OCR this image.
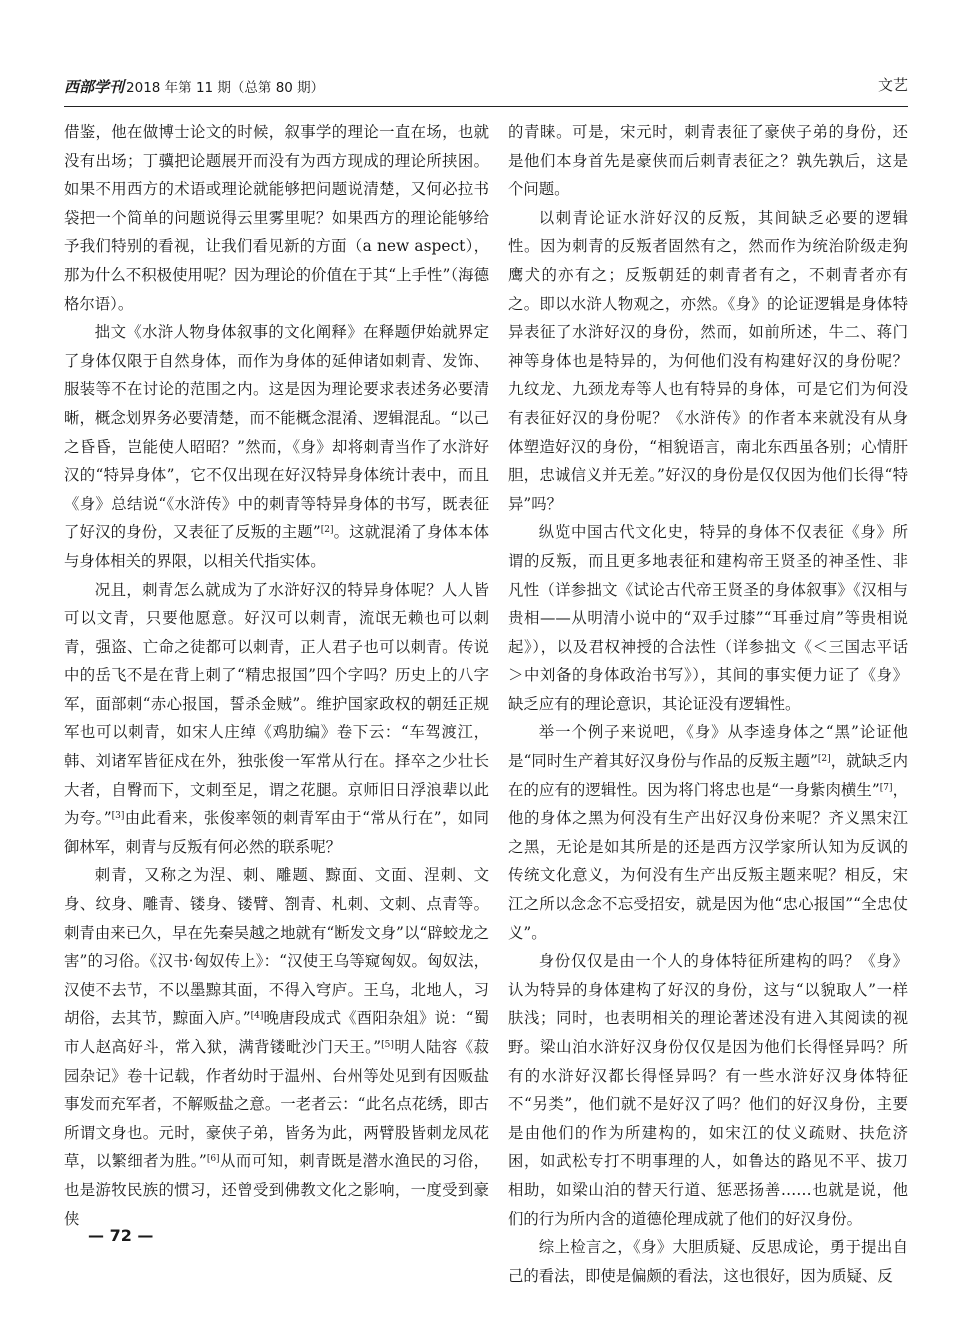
西部学刊 2018 年第 11 期（总第 80 期）	文艺

借鉴，他在做博士论文的时候，叙事学的理论一直在场，也就没有出场；丁骥把论题展开而没有为西方现成的理论所挟困。如果不用西方的术语或理论就能够把问题说清楚，又何必拉书袋把一个简单的问题说得云里雾里呢？如果西方的理论能够给予我们特别的看视，让我们看见新的方面（a new aspect），那为什么不积极使用呢？因为理论的价值在于其“上手性”（海德格尔语）。

拙文《水浒人物身体叙事的文化阐释》在释题伊始就界定了身体仅限于自然身体，而作为身体的延伸诸如刺青、发饰、服装等不在讨论的范围之内。这是因为理论要求表述务必要清晰，概念划界务必要清楚，而不能概念混淆、逻辑混乱。“以己之昏昏，岂能使人昭昭？”然而，《身》却将刺青当作了水浒好汉的“特异身体”，它不仅出现在好汉特异身体统计表中，而且《身》总结说“《水浒传》中的刺青等特异身体的书写，既表征了好汉的身份，又表征了反叛的主题”[2]。这就混淆了身体本体与身体相关的界限，以相关代指实体。

况且，刺青怎么就成为了水浒好汉的特异身体呢？人人皆可以文青，只要他愿意。好汉可以刺青，流氓无赖也可以刺青，强盗、亡命之徒都可以刺青，正人君子也可以刺青。传说中的岳飞不是在背上刺了“精忠报国”四个字吗？历史上的八字军，面部刺“赤心报国，誓杀金贼”。维护国家政权的朝廷正规军也可以刺青，如宋人庄绰《鸡肋编》卷下云：“车驾渡江，韩、刘诸军皆征戍在外，独张俊一军常从行在。择卒之少壮长大者，自臀而下，文刺至足，谓之花腿。京师旧日浮浪辈以此为夸。”[3]由此看来，张俊率领的刺青军由于“常从行在”，如同御林军，刺青与反叛有何必然的联系呢？

刺青，又称之为涅、刺、雕题、黥面、文面、涅刺、文身、纹身、雕青、镂身、镂臂、劄青、札刺、文刺、点青等。刺青由来已久，早在先秦吴越之地就有“断发文身”以“辟蛟龙之害”的习俗。《汉书·匈奴传上》：“汉使王乌等窥匈奴。匈奴法，汉使不去节，不以墨黥其面，不得入穹庐。王乌，北地人，习胡俗，去其节，黥面入庐。”[4]晚唐段成式《酉阳杂俎》说：“蜀市人赵高好斗，常入狱，满背镂毗沙门天王。”[5]明人陆容《菽园杂记》卷十记载，作者幼时于温州、台州等处见到有因贩盐事发而充军者，不解贩盐之意。一老者云：“此名点花绣，即古所谓文身也。元时，豪侠子弟，皆务为此，两臂股皆刺龙凤花草，以繁细者为胜。”[6]从而可知，刺青既是潜水渔民的习俗，也是游牧民族的惯习，还曾受到佛教文化之影响，一度受到豪侠

的青睐。可是，宋元时，刺青表征了豪侠子弟的身份，还是他们本身首先是豪侠而后刺青表征之？孰先孰后，这是个问题。

以刺青论证水浒好汉的反叛，其间缺乏必要的逻辑性。因为刺青的反叛者固然有之，然而作为统治阶级走狗鹰犬的亦有之；反叛朝廷的刺青者有之，不刺青者亦有之。即以水浒人物观之，亦然。《身》的论证逻辑是身体特异表征了水浒好汉的身份，然而，如前所述，牛二、蒋门神等身体也是特异的，为何他们没有构建好汉的身份呢？九纹龙、九颈龙寿等人也有特异的身体，可是它们为何没有表征好汉的身份呢？《水浒传》的作者本来就没有从身体塑造好汉的身份，“相貌语言，南北东西虽各别；心情肝胆，忠诚信义并无差。”好汉的身份是仅仅因为他们长得“特异”吗？

纵览中国古代文化史，特异的身体不仅表征《身》所谓的反叛，而且更多地表征和建构帝王贤圣的神圣性、非凡性（详参拙文《试论古代帝王贤圣的身体叙事》《汉相与贵相——从明清小说中的“双手过膝”“耳垂过肩”等贵相说起》），以及君权神授的合法性（详参拙文《＜三国志平话＞中刘备的身体政治书写》），其间的事实便力证了《身》缺乏应有的理论意识，其论证没有逻辑性。

举一个例子来说吧，《身》从李逵身体之“黑”论证他是“同时生产着其好汉身份与作品的反叛主题”[2]，就缺乏内在的应有的逻辑性。因为将门将忠也是“一身紫肉横生”[7]，他的身体之黑为何没有生产出好汉身份来呢？齐义黑宋江之黑，无论是如其所是的还是西方汉学家所认知为反讽的传统文化意义，为何没有生产出反叛主题来呢？相反，宋江之所以念念不忘受招安，就是因为他“忠心报国”“全忠仗义”。

身份仅仅是由一个人的身体特征所建构的吗？《身》认为特异的身体建构了好汉的身份，这与“以貌取人”一样肤浅；同时，也表明相关的理论著述没有进入其阅读的视野。梁山泊水浒好汉身份仅仅是因为他们长得怪异吗？所有的水浒好汉都长得怪异吗？有一些水浒好汉身体特征不“另类”，他们就不是好汉了吗？他们的好汉身份，主要是由他们的作为所建构的，如宋江的仗义疏财、扶危济困，如武松专打不明事理的人，如鲁达的路见不平、拔刀相助，如梁山泊的替天行道、惩恶扬善……也就是说，他们的行为所内含的道德伦理成就了他们的好汉身份。

综上检言之，《身》大胆质疑、反思成论，勇于提出自己的看法，即使是偏颇的看法，这也很好，因为质疑、反

— 72 —
